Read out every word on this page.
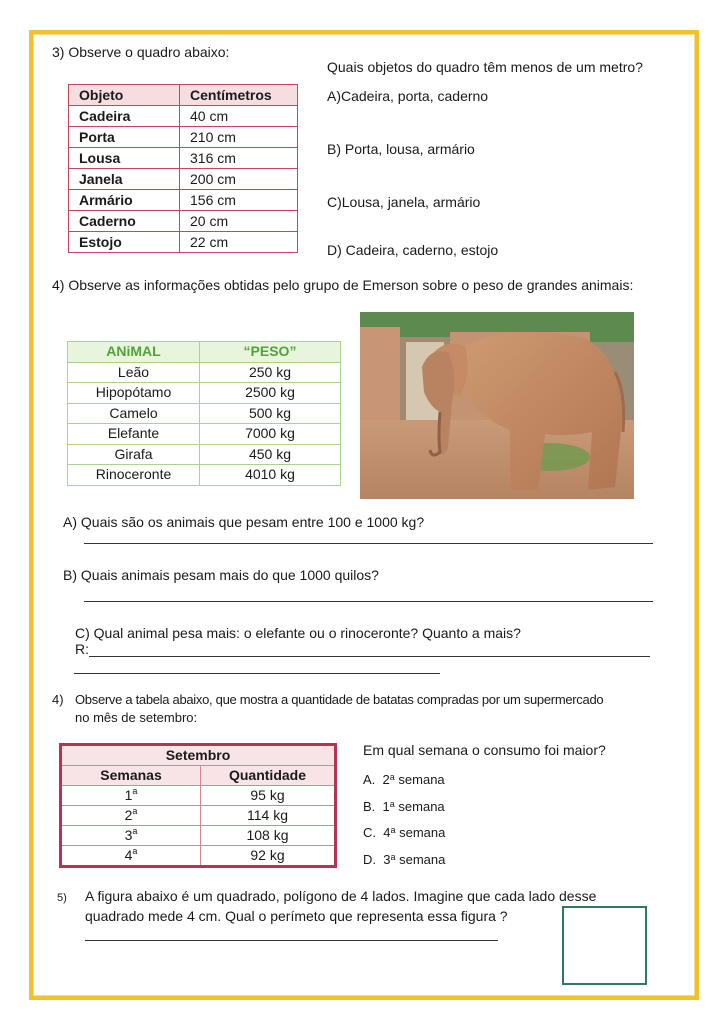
3) Observe o quadro abaixo:
Quais objetos do quadro têm menos de um metro?
Objeto	Centímetros
Cadeira	40 cm
Porta	210 cm
Lousa	316 cm
Janela	200 cm
Armário	156 cm
Caderno	20 cm
Estojo	22 cm
A)Cadeira, porta, caderno
B) Porta, lousa, armário
C)Lousa, janela, armário
D) Cadeira, caderno, estojo
4) Observe as informações obtidas pelo grupo de Emerson sobre o peso de grandes animais:
ANiMAL	“PESO”
Leão	250 kg
Hipopótamo	2500 kg
Camelo	500 kg
Elefante	7000 kg
Girafa	450 kg
Rinoceronte	4010 kg
A) Quais são os animais que pesam entre 100 e 1000 kg?
B) Quais animais pesam mais do que 1000 quilos?
C) Qual animal pesa mais: o elefante ou o rinoceronte? Quanto a mais?
R:
4) Observe a tabela abaixo, que mostra a quantidade de batatas compradas por um supermercado
no mês de setembro:
Setembro	
Semanas	Quantidade
1$^a$	95 kg
2$^a$	114 kg
3$^a$	108 kg
4$^a$	92 kg
Em qual semana o consumo foi maior?
A. 2$^a$ semana
B. 1$^a$ semana
C. 4$^a$ semana
D. 3$^a$ semana
5) A figura abaixo é um quadrado, polígono de 4 lados. Imagine que cada lado desse
quadrado mede 4 cm. Qual o perímeto que representa essa figura ?
